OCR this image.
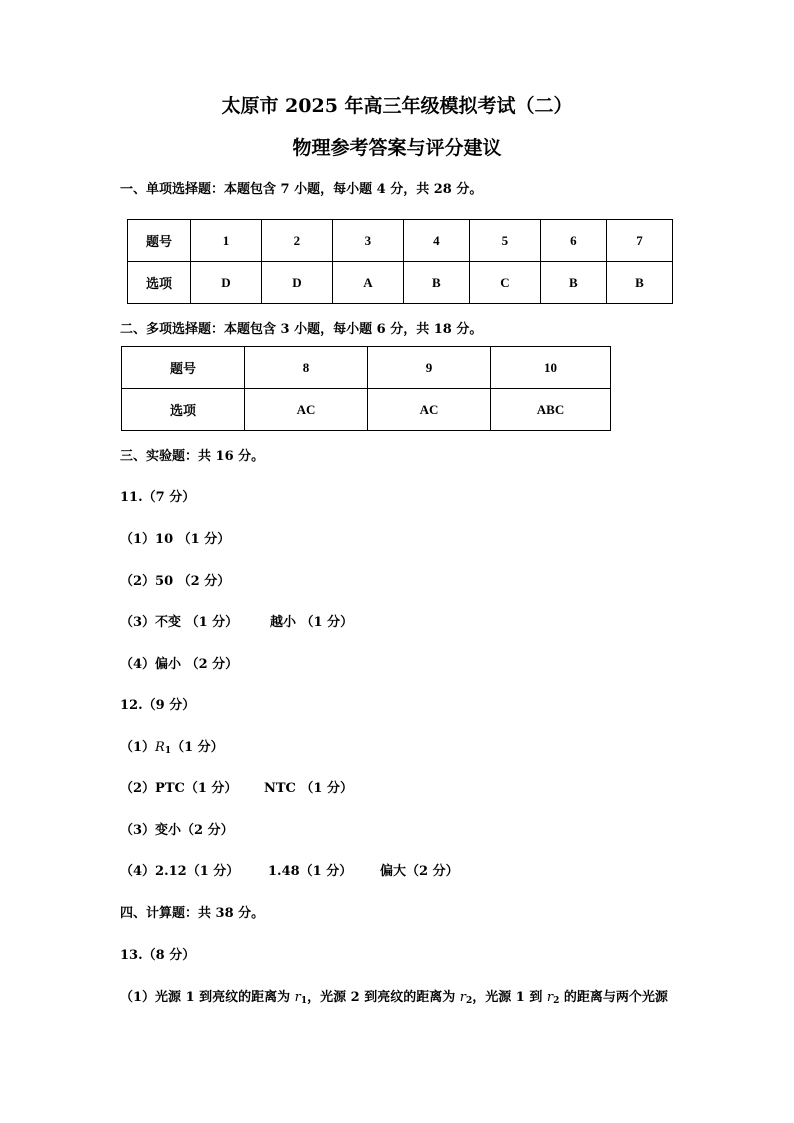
太原市 2025 年高三年级模拟考试（二）
物理参考答案与评分建议
一、单项选择题：本题包含 7 小题，每小题 4 分，共 28 分。
题号	1	2	3	4	5	6	7
选项	D	D	A	B	C	B	B
二、多项选择题：本题包含 3 小题，每小题 6 分，共 18 分。
题号	8	9	10
选项	AC	AC	ABC
三、实验题：共 16 分。
11.（7 分）
（1）10 （1 分）
（2）50 （2 分）
（3）不变 （1 分） 越小 （1 分）
（4）偏小 （2 分）
12.（9 分）
$(1)R_1(1$ 分）
（2）PTC（1 分） NTC （1 分）
（3）变小（2 分）
（4）2.12（1 分） 1.48（1 分） 偏大（2 分）
四、计算题：共 38 分。
13.（8 分）
（1）光源 1 到亮纹的距离为 $r_1$，光源 2 到亮纹的距离为 $r_2$，光源 1 到 $r_2$ 的距离与两个光源
